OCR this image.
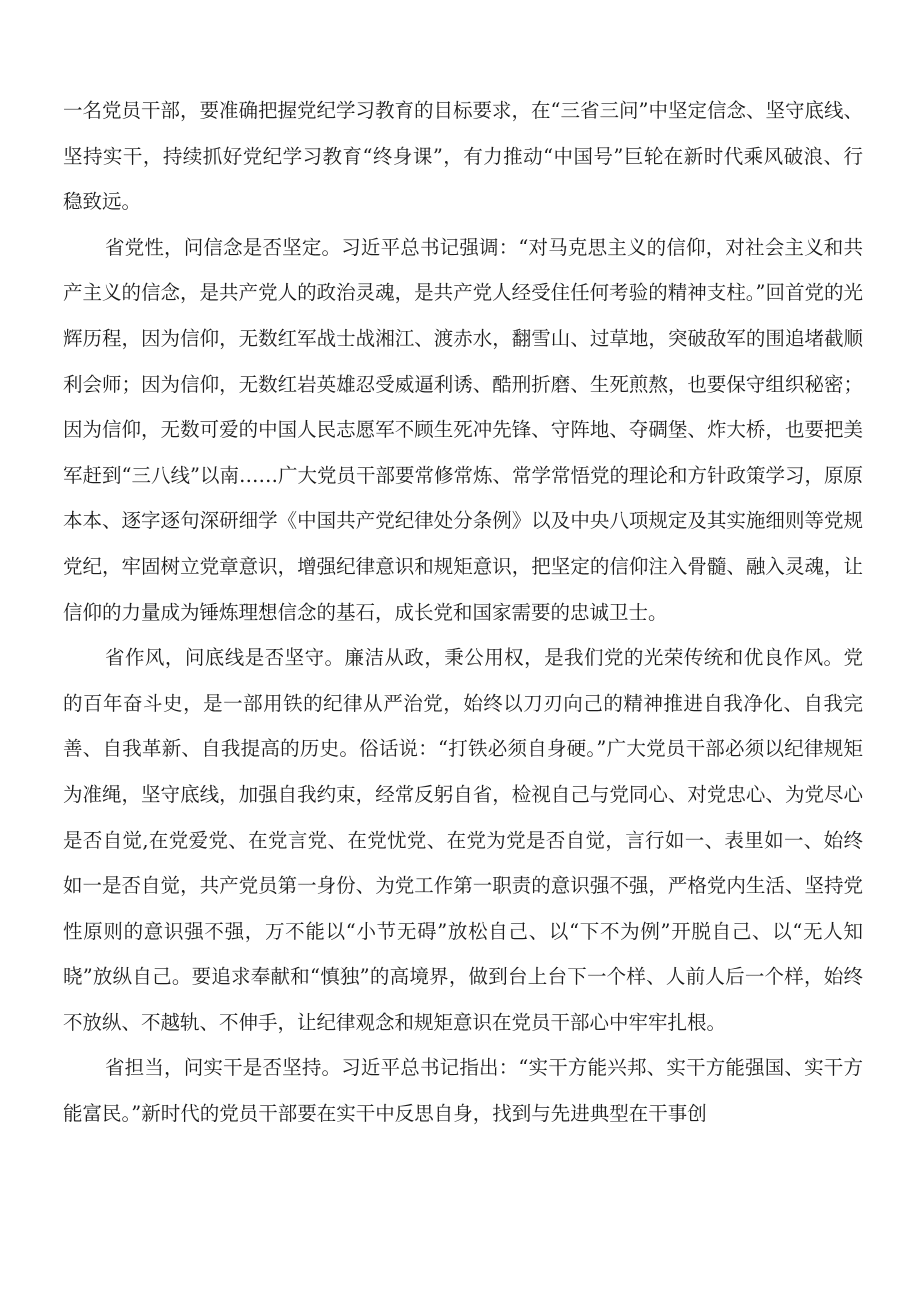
一名党员干部，要准确把握党纪学习教育的目标要求，在“三省三问”中坚定信念、坚守底线、坚持实干，持续抓好党纪学习教育“终身课”，有力推动“中国号”巨轮在新时代乘风破浪、行稳致远。

省党性，问信念是否坚定。习近平总书记强调：“对马克思主义的信仰，对社会主义和共产主义的信念，是共产党人的政治灵魂，是共产党人经受住任何考验的精神支柱。”回首党的光辉历程，因为信仰，无数红军战士战湘江、渡赤水，翻雪山、过草地，突破敌军的围追堵截顺利会师；因为信仰，无数红岩英雄忍受威逼利诱、酷刑折磨、生死煎熬，也要保守组织秘密；因为信仰，无数可爱的中国人民志愿军不顾生死冲先锋、守阵地、夺碉堡、炸大桥，也要把美军赶到“三八线”以南……广大党员干部要常修常炼、常学常悟党的理论和方针政策学习，原原本本、逐字逐句深研细学《中国共产党纪律处分条例》以及中央八项规定及其实施细则等党规党纪，牢固树立党章意识，增强纪律意识和规矩意识，把坚定的信仰注入骨髓、融入灵魂，让信仰的力量成为锤炼理想信念的基石，成长党和国家需要的忠诚卫士。

省作风，问底线是否坚守。廉洁从政，秉公用权，是我们党的光荣传统和优良作风。党的百年奋斗史，是一部用铁的纪律从严治党，始终以刀刃向己的精神推进自我净化、自我完善、自我革新、自我提高的历史。俗话说：“打铁必须自身硬。”广大党员干部必须以纪律规矩为准绳，坚守底线，加强自我约束，经常反躬自省，检视自己与党同心、对党忠心、为党尽心是否自觉,在党爱党、在党言党、在党忧党、在党为党是否自觉，言行如一、表里如一、始终如一是否自觉，共产党员第一身份、为党工作第一职责的意识强不强，严格党内生活、坚持党性原则的意识强不强，万不能以“小节无碍”放松自己、以“下不为例”开脱自己、以“无人知晓”放纵自己。要追求奉献和“慎独”的高境界，做到台上台下一个样、人前人后一个样，始终不放纵、不越轨、不伸手，让纪律观念和规矩意识在党员干部心中牢牢扎根。

省担当，问实干是否坚持。习近平总书记指出：“实干方能兴邦、实干方能强国、实干方能富民。”新时代的党员干部要在实干中反思自身，找到与先进典型在干事创
